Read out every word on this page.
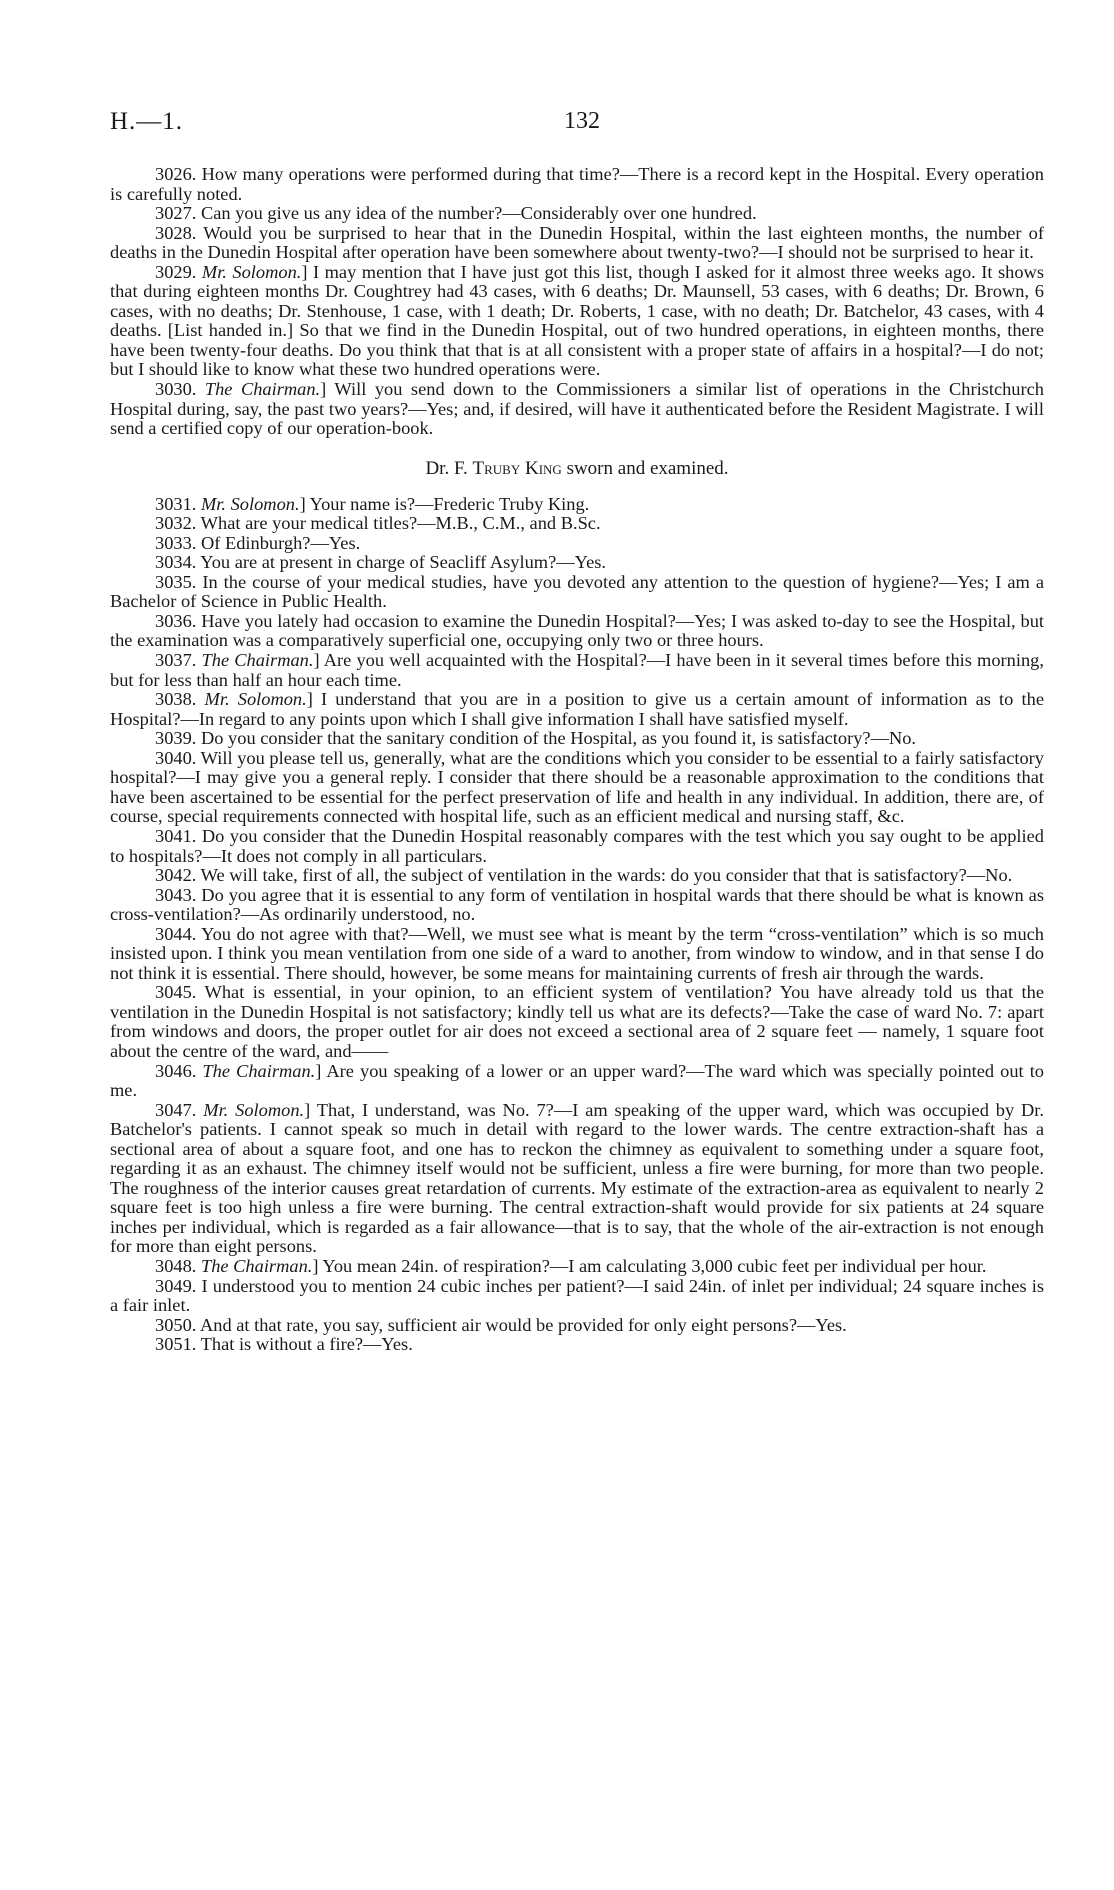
H.—1.	132

3026. How many operations were performed during that time?—There is a record kept in the Hospital. Every operation is carefully noted.

3027. Can you give us any idea of the number?—Considerably over one hundred.

3028. Would you be surprised to hear that in the Dunedin Hospital, within the last eighteen months, the number of deaths in the Dunedin Hospital after operation have been somewhere about twenty-two?—I should not be surprised to hear it.

3029. Mr. Solomon.] I may mention that I have just got this list, though I asked for it almost three weeks ago. It shows that during eighteen months Dr. Coughtrey had 43 cases, with 6 deaths; Dr. Maunsell, 53 cases, with 6 deaths; Dr. Brown, 6 cases, with no deaths; Dr. Stenhouse, 1 case, with 1 death; Dr. Roberts, 1 case, with no death; Dr. Batchelor, 43 cases, with 4 deaths. [List handed in.] So that we find in the Dunedin Hospital, out of two hundred operations, in eighteen months, there have been twenty-four deaths. Do you think that that is at all consistent with a proper state of affairs in a hospital?—I do not; but I should like to know what these two hundred operations were.

3030. The Chairman.] Will you send down to the Commissioners a similar list of operations in the Christchurch Hospital during, say, the past two years?—Yes; and, if desired, will have it authenticated before the Resident Magistrate. I will send a certified copy of our operation-book.

Dr. F. Truby King sworn and examined.

3031. Mr. Solomon.] Your name is?—Frederic Truby King.

3032. What are your medical titles?—M.B., C.M., and B.Sc.

3033. Of Edinburgh?—Yes.

3034. You are at present in charge of Seacliff Asylum?—Yes.

3035. In the course of your medical studies, have you devoted any attention to the question of hygiene?—Yes; I am a Bachelor of Science in Public Health.

3036. Have you lately had occasion to examine the Dunedin Hospital?—Yes; I was asked to-day to see the Hospital, but the examination was a comparatively superficial one, occupying only two or three hours.

3037. The Chairman.] Are you well acquainted with the Hospital?—I have been in it several times before this morning, but for less than half an hour each time.

3038. Mr. Solomon.] I understand that you are in a position to give us a certain amount of information as to the Hospital?—In regard to any points upon which I shall give information I shall have satisfied myself.

3039. Do you consider that the sanitary condition of the Hospital, as you found it, is satisfactory?—No.

3040. Will you please tell us, generally, what are the conditions which you consider to be essential to a fairly satisfactory hospital?—I may give you a general reply. I consider that there should be a reasonable approximation to the conditions that have been ascertained to be essential for the perfect preservation of life and health in any individual. In addition, there are, of course, special requirements connected with hospital life, such as an efficient medical and nursing staff, &c.

3041. Do you consider that the Dunedin Hospital reasonably compares with the test which you say ought to be applied to hospitals?—It does not comply in all particulars.

3042. We will take, first of all, the subject of ventilation in the wards: do you consider that that is satisfactory?—No.

3043. Do you agree that it is essential to any form of ventilation in hospital wards that there should be what is known as cross-ventilation?—As ordinarily understood, no.

3044. You do not agree with that?—Well, we must see what is meant by the term “cross-ventilation” which is so much insisted upon. I think you mean ventilation from one side of a ward to another, from window to window, and in that sense I do not think it is essential. There should, however, be some means for maintaining currents of fresh air through the wards.

3045. What is essential, in your opinion, to an efficient system of ventilation? You have already told us that the ventilation in the Dunedin Hospital is not satisfactory; kindly tell us what are its defects?—Take the case of ward No. 7: apart from windows and doors, the proper outlet for air does not exceed a sectional area of 2 square feet — namely, 1 square foot about the centre of the ward, and——

3046. The Chairman.] Are you speaking of a lower or an upper ward?—The ward which was specially pointed out to me.

3047. Mr. Solomon.] That, I understand, was No. 7?—I am speaking of the upper ward, which was occupied by Dr. Batchelor's patients. I cannot speak so much in detail with regard to the lower wards. The centre extraction-shaft has a sectional area of about a square foot, and one has to reckon the chimney as equivalent to something under a square foot, regarding it as an exhaust. The chimney itself would not be sufficient, unless a fire were burning, for more than two people. The roughness of the interior causes great retardation of currents. My estimate of the extraction-area as equivalent to nearly 2 square feet is too high unless a fire were burning. The central extraction-shaft would provide for six patients at 24 square inches per individual, which is regarded as a fair allowance—that is to say, that the whole of the air-extraction is not enough for more than eight persons.

3048. The Chairman.] You mean 24in. of respiration?—I am calculating 3,000 cubic feet per individual per hour.

3049. I understood you to mention 24 cubic inches per patient?—I said 24in. of inlet per individual; 24 square inches is a fair inlet.

3050. And at that rate, you say, sufficient air would be provided for only eight persons?—Yes.

3051. That is without a fire?—Yes.
